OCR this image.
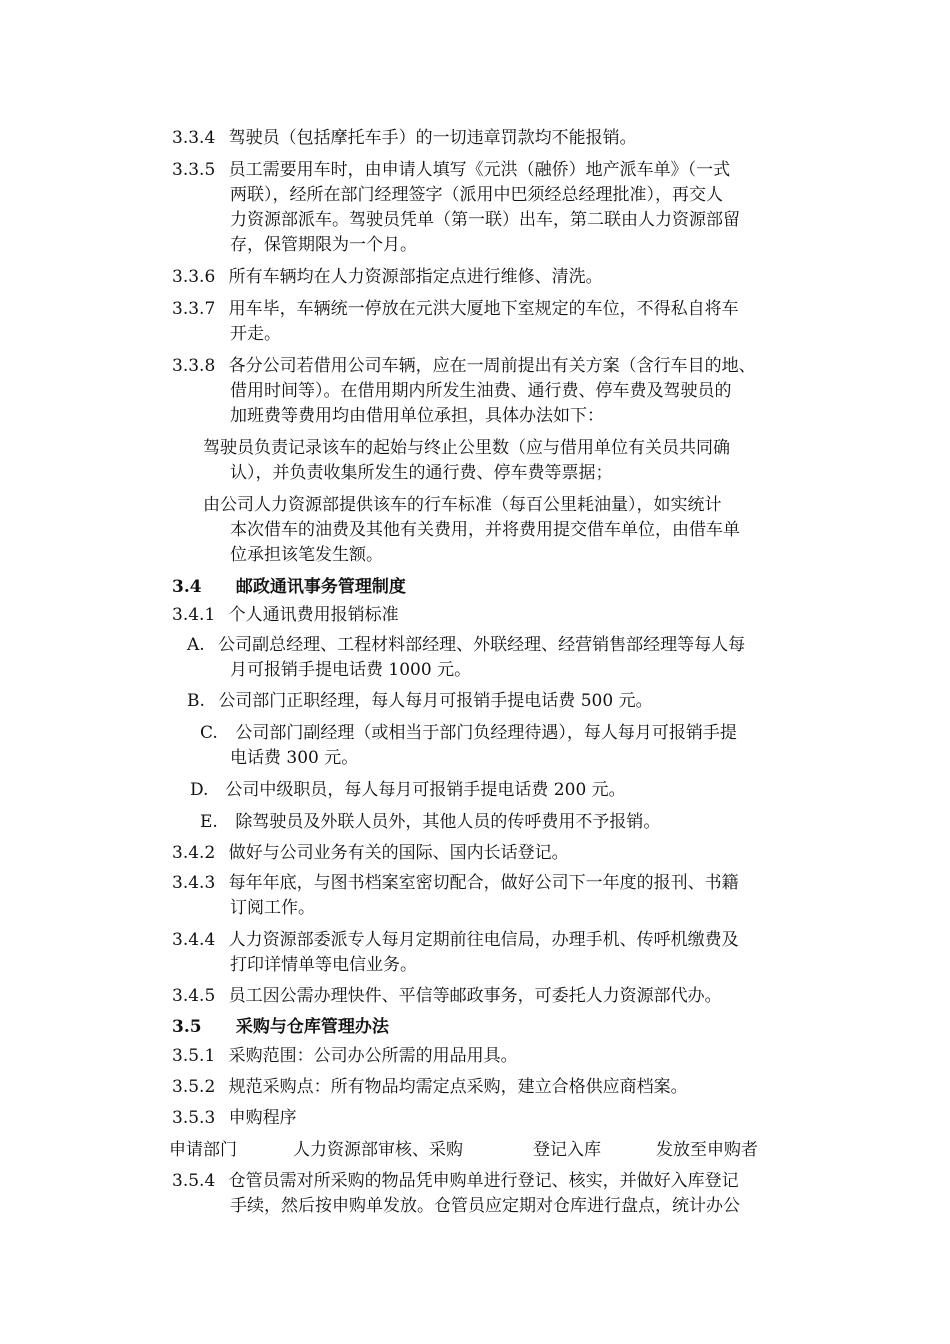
3.3.4 驾驶员（包括摩托车手）的一切违章罚款均不能报销。
3.3.5 员工需要用车时，由申请人填写《元洪（融侨）地产派车单》（一式
两联），经所在部门经理签字（派用中巴须经总经理批准），再交人
力资源部派车。驾驶员凭单（第一联）出车，第二联由人力资源部留
存，保管期限为一个月。
3.3.6 所有车辆均在人力资源部指定点进行维修、清洗。
3.3.7 用车毕，车辆统一停放在元洪大厦地下室规定的车位，不得私自将车
开走。
3.3.8 各分公司若借用公司车辆，应在一周前提出有关方案（含行车目的地、
借用时间等）。在借用期内所发生油费、通行费、停车费及驾驶员的
加班费等费用均由借用单位承担，具体办法如下：
驾驶员负责记录该车的起始与终止公里数（应与借用单位有关员共同确
认），并负责收集所发生的通行费、停车费等票据；
由公司人力资源部提供该车的行车标准（每百公里耗油量），如实统计
本次借车的油费及其他有关费用，并将费用提交借车单位，由借车单
位承担该笔发生额。
3.4 邮政通讯事务管理制度
3.4.1 个人通讯费用报销标准
A. 公司副总经理、工程材料部经理、外联经理、经营销售部经理等每人每
月可报销手提电话费 1000 元。
B. 公司部门正职经理，每人每月可报销手提电话费 500 元。
C. 公司部门副经理（或相当于部门负经理待遇），每人每月可报销手提
电话费 300 元。
D. 公司中级职员，每人每月可报销手提电话费 200 元。
E. 除驾驶员及外联人员外，其他人员的传呼费用不予报销。
3.4.2 做好与公司业务有关的国际、国内长话登记。
3.4.3 每年年底，与图书档案室密切配合，做好公司下一年度的报刊、书籍
订阅工作。
3.4.4 人力资源部委派专人每月定期前往电信局，办理手机、传呼机缴费及
打印详情单等电信业务。
3.4.5 员工因公需办理快件、平信等邮政事务，可委托人力资源部代办。
3.5 采购与仓库管理办法
3.5.1 采购范围：公司办公所需的用品用具。
3.5.2 规范采购点：所有物品均需定点采购，建立合格供应商档案。
3.5.3 申购程序
申请部门	人力资源部审核、采购	登记入库	发放至申购者
3.5.4 仓管员需对所采购的物品凭申购单进行登记、核实，并做好入库登记
手续，然后按申购单发放。仓管员应定期对仓库进行盘点，统计办公
